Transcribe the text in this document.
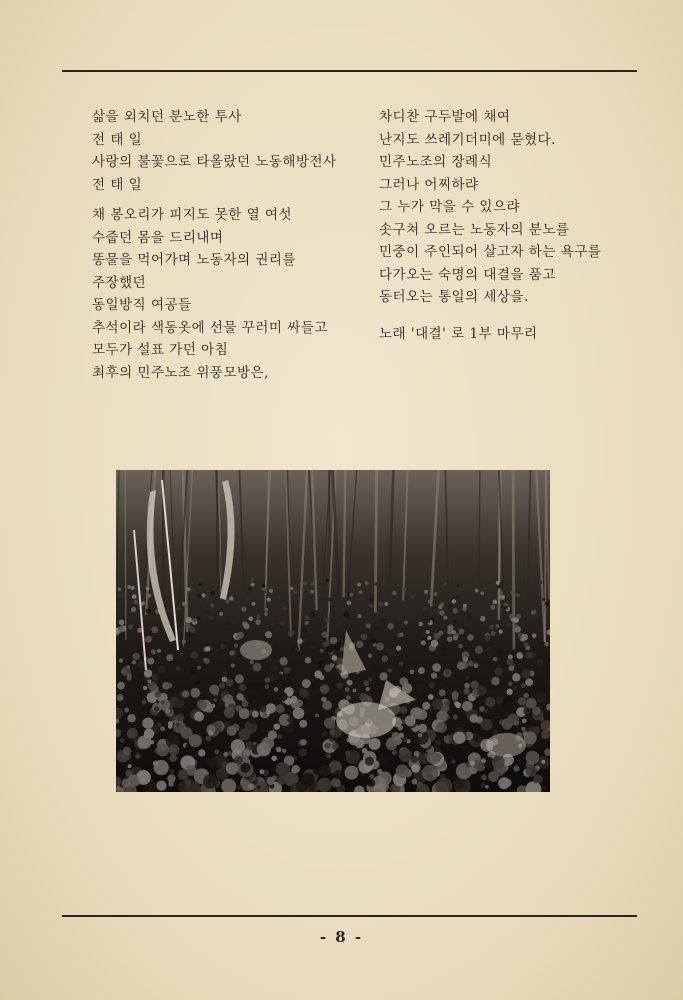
삶을 외치던 분노한 투사
전 태 일
사랑의 불꽃으로 타올랐던 노동해방전사
전 태 일
채 봉오리가 피지도 못한 열 여섯
수줍던 몸을 드리내며
똥물을 먹어가며 노동자의 권리를
주장했던
동일방직 여공들
추석이라 색동옷에 선물 꾸러미 싸들고
모두가 설표 가던 아침
최후의 민주노조 위풍모방은,
차디찬 구두발에 채여
난지도 쓰레기더미에 묻혔다.
민주노조의 장례식
그러나 어찌하랴
그 누가 막을 수 있으랴
솟구쳐 오르는 노동자의 분노를
민중이 주인되어 살고자 하는 욕구를
다가오는 숙명의 대결을 품고
동터오는 통일의 세상을.
노래 '대결' 로 1부 마무리
- 8 -
